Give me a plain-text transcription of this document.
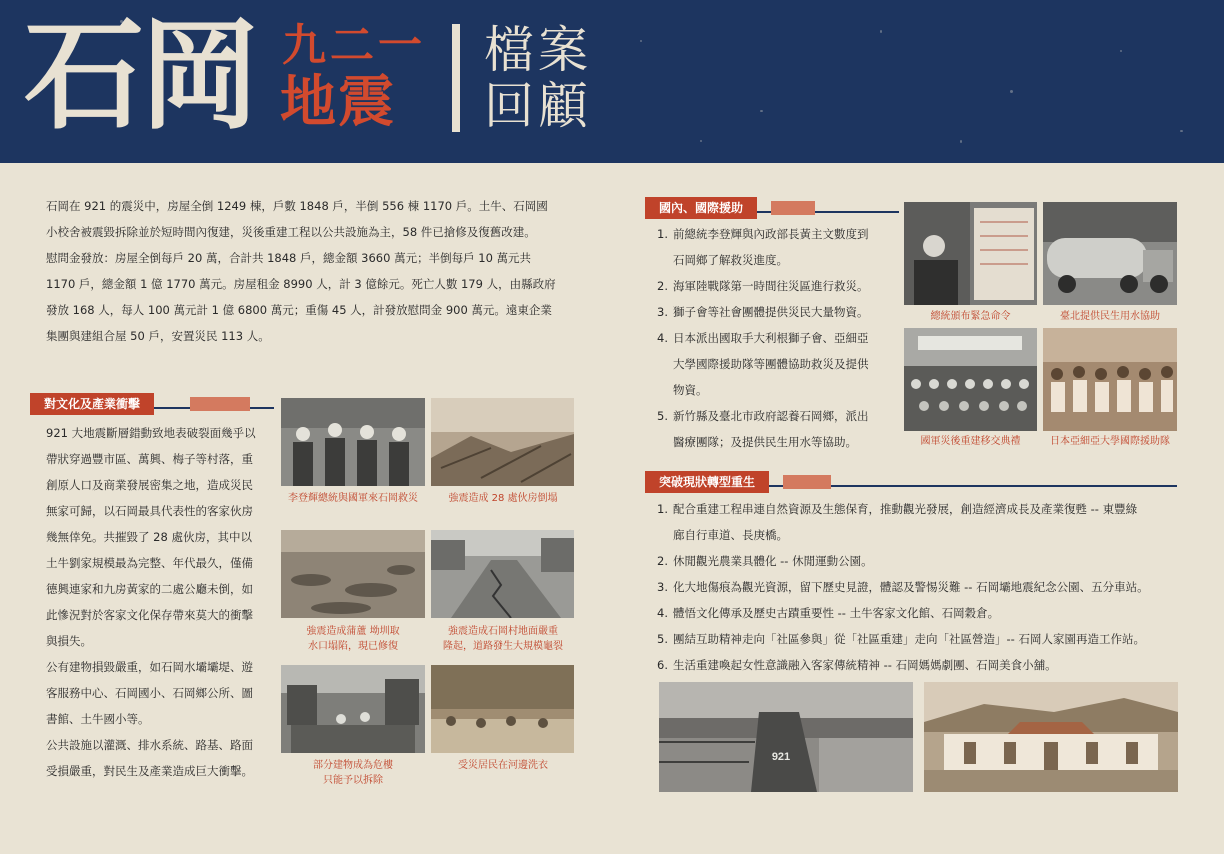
石岡 九二一
地震
檔案
回顧
石岡在 921 的震災中，房屋全倒 1249 棟，戶數 1848 戶，半倒 556 棟 1170 戶。土牛、石岡國
小校舍被震毀拆除並於短時間內復建，災後重建工程以公共設施為主，58 件已搶修及復舊改建。
慰問金發放：房屋全倒每戶 20 萬，合計共 1848 戶，總金額 3660 萬元；半倒每戶 10 萬元共
1170 戶，總金額 1 億 1770 萬元。房屋租金 8990 人，計 3 億餘元。死亡人數 179 人，由縣政府
發放 168 人，每人 100 萬元計 1 億 6800 萬元；重傷 45 人，計發放慰問金 900 萬元。遠東企業
集團與建組合屋 50 戶，安置災民 113 人。
對文化及產業衝擊
921 大地震斷層錯動致地表破裂面幾乎以
帶狀穿過豐市區、萬興、梅子等村落，重
創原人口及商業發展密集之地，造成災民
無家可歸，以石岡最具代表性的客家伙房
幾無倖免。共摧毀了 28 處伙房，其中以
土牛劉家規模最為完整、年代最久，僅備
德興連家和九房黃家的二處公廳未倒，如
此慘況對於客家文化保存帶來莫大的衝擊
與損失。
公有建物損毀嚴重，如石岡水壩壩堤、遊
客服務中心、石岡國小、石岡鄉公所、圖
書館、土牛國小等。
公共設施以灌溉、排水系統、路基、路面
受損嚴重，對民生及產業造成巨大衝擊。
李登輝總統與國軍來石岡救災	強震造成 28 處伙房倒塌
強震造成蒲蘆 坳圳取
水口塌陷，現已修復
強震造成石岡村地面嚴重
隆起，道路發生大規模龜裂
部分建物成為危樓
只能予以拆除
受災居民在河邊洗衣
國內、國際援助
1. 前總統李登輝與內政部長黃主文數度到
石岡鄉了解救災進度。
2. 海軍陸戰隊第一時間往災區進行救災。
3. 獅子會等社會團體提供災民大量物資。
4. 日本派出國取手大利根獅子會、亞細亞
大學國際援助隊等團體協助救災及提供
物資。
5. 新竹縣及臺北市政府認養石岡鄉，派出
醫療團隊；及提供民生用水等協助。
總統頒布緊急命令	臺北提供民生用水協助
國軍災後重建移交典禮	日本亞細亞大學國際援助隊
突破現狀轉型重生
1. 配合重建工程串連自然資源及生態保育，推動觀光發展，創造經濟成長及產業復甦 -- 東豐綠
廊自行車道、長庚橋。
2. 休閒觀光農業具體化 -- 休閒運動公園。
3. 化大地傷痕為觀光資源，留下歷史見證，體認及警惕災難 -- 石岡壩地震紀念公園、五分車站。
4. 體悟文化傳承及歷史古蹟重要性 -- 土牛客家文化館、石岡穀倉。
5. 團結互助精神走向「社區參與」從「社區重建」走向「社區營造」-- 石岡人家園再造工作站。
6. 生活重建喚起女性意識融入客家傳統精神 -- 石岡媽媽劇團、石岡美食小舖。
921
